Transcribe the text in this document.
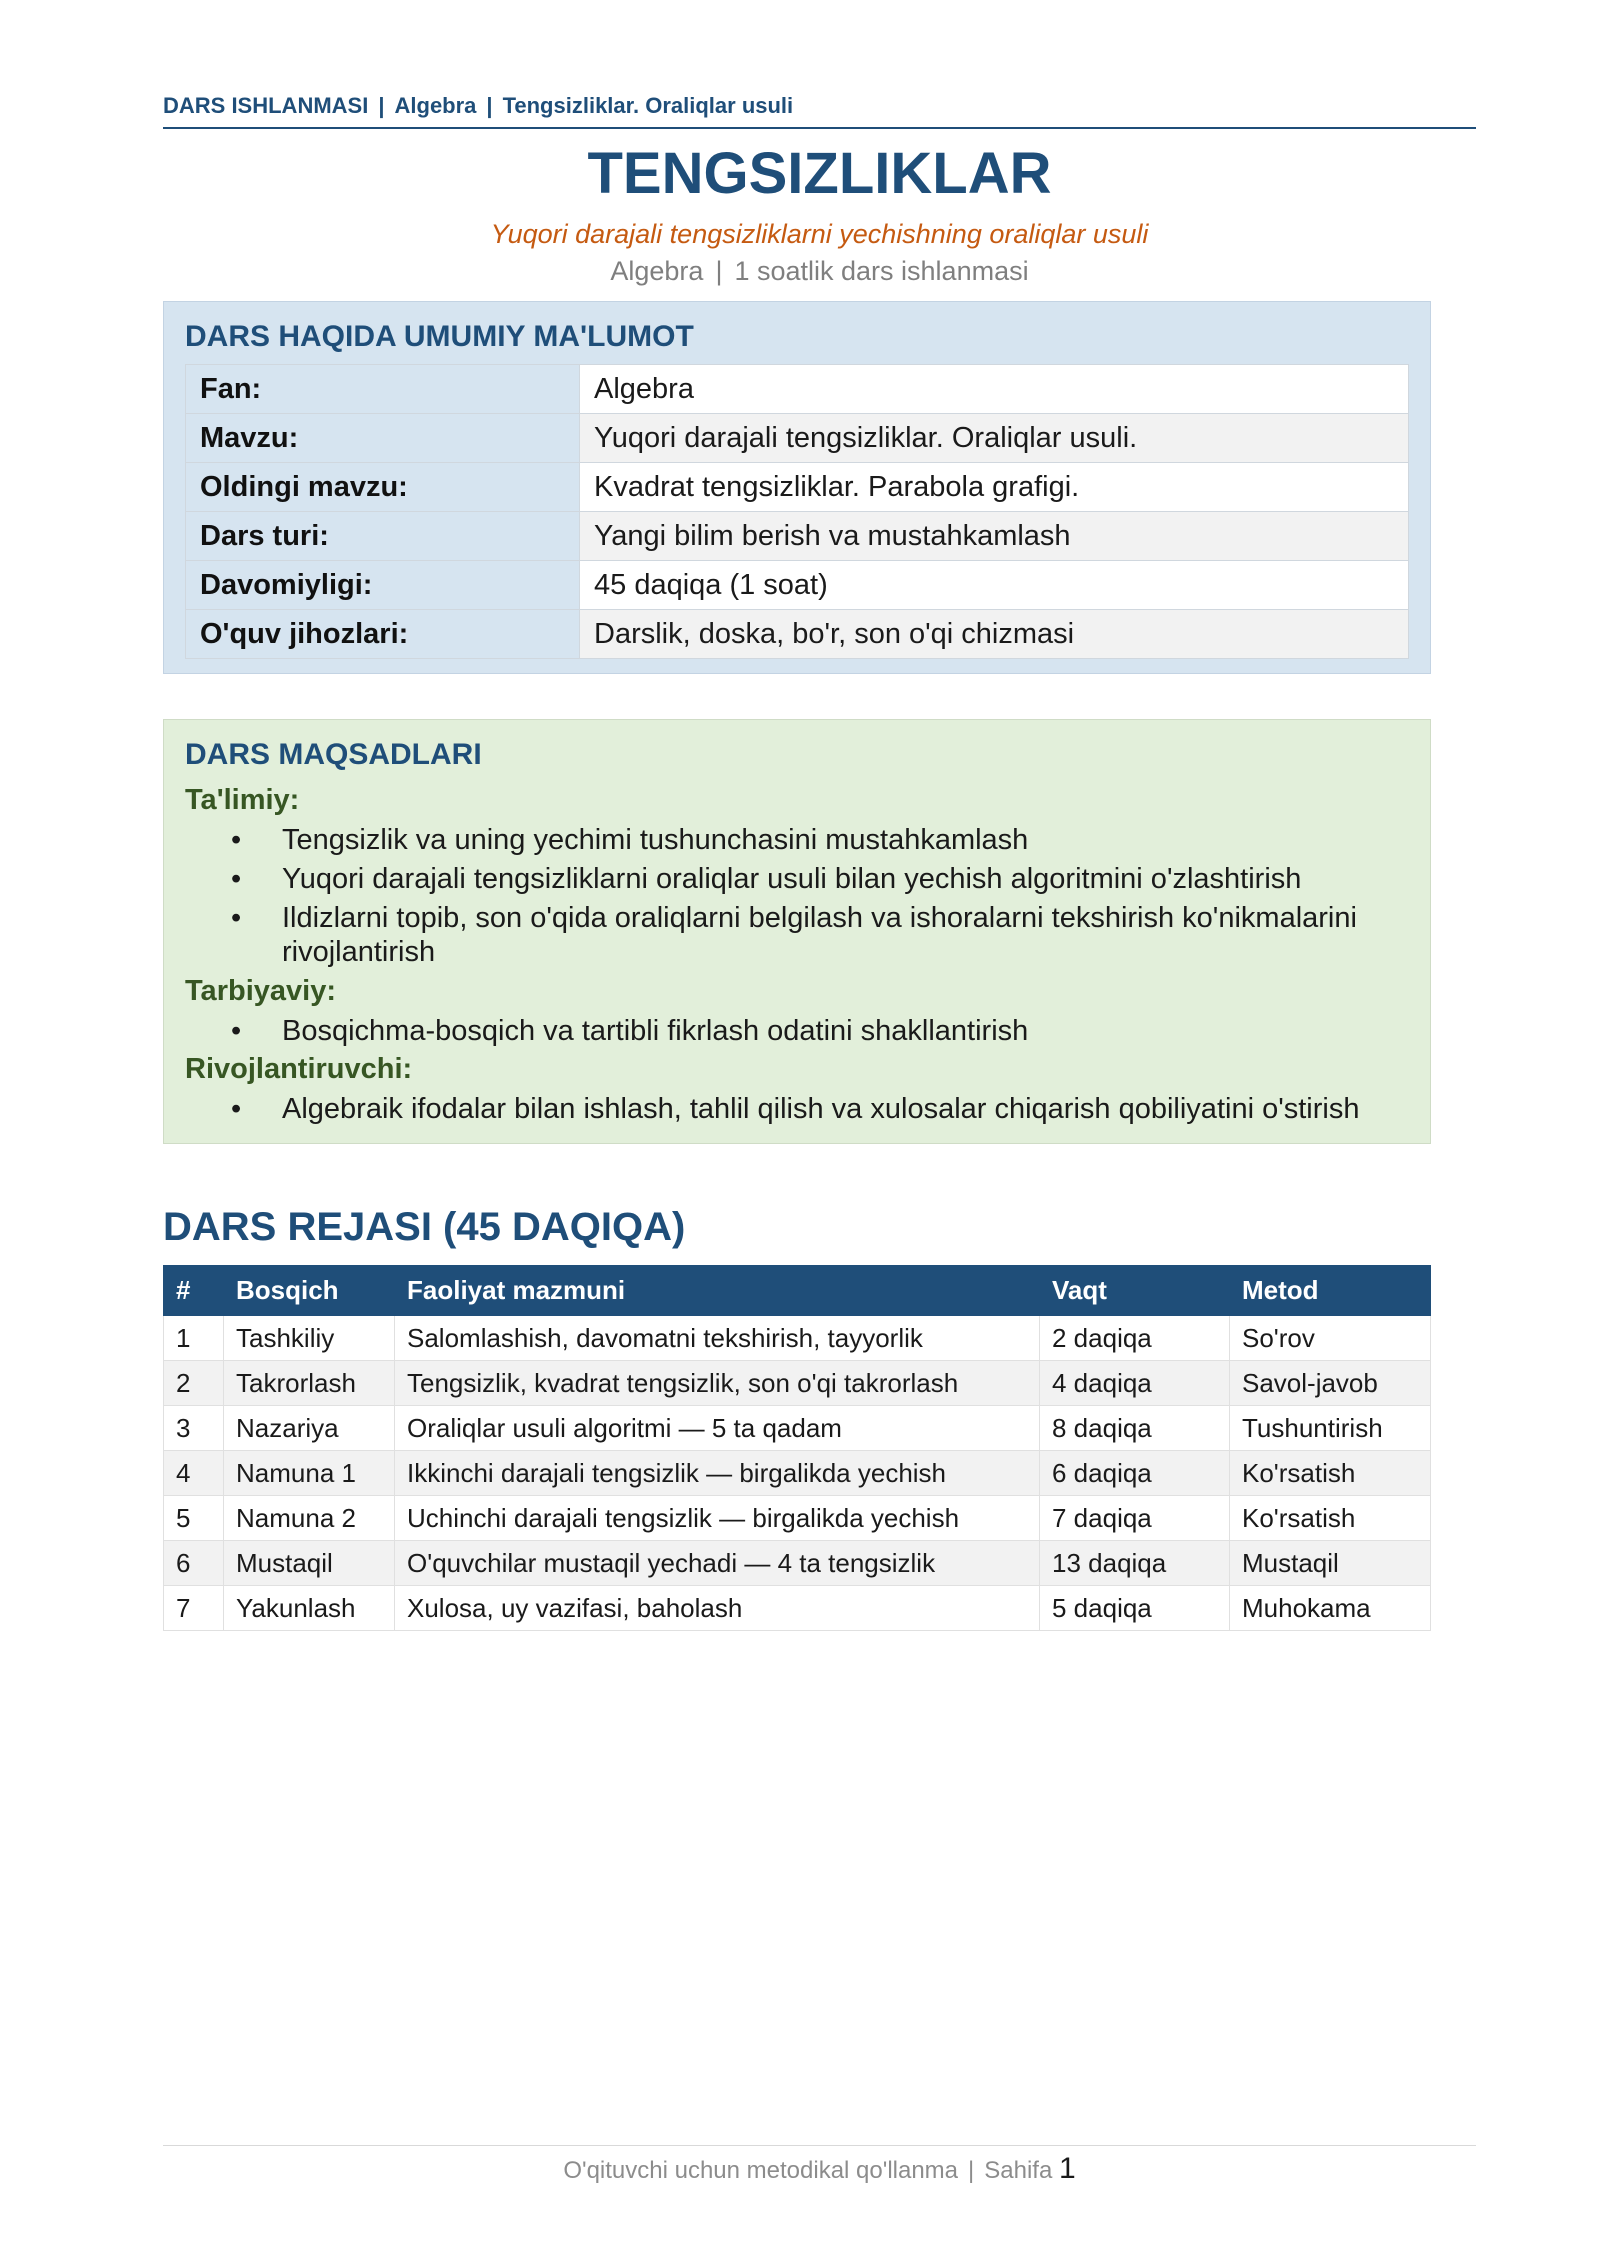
DARS ISHLANMASI | Algebra | Tengsizliklar. Oraliqlar usuli
TENGSIZLIKLAR
Yuqori darajali tengsizliklarni yechishning oraliqlar usuli
Algebra | 1 soatlik dars ishlanmasi
DARS HAQIDA UMUMIY MA'LUMOT
Fan:	Algebra
Mavzu:	Yuqori darajali tengsizliklar. Oraliqlar usuli.
Oldingi mavzu:	Kvadrat tengsizliklar. Parabola grafigi.
Dars turi:	Yangi bilim berish va mustahkamlash
Davomiyligi:	45 daqiqa (1 soat)
O'quv jihozlari:	Darslik, doska, bo'r, son o'qi chizmasi
DARS MAQSADLARI
Ta'limiy:
• Tengsizlik va uning yechimi tushunchasini mustahkamlash
• Yuqori darajali tengsizliklarni oraliqlar usuli bilan yechish algoritmini o'zlashtirish
• Ildizlarni topib, son o'qida oraliqlarni belgilash va ishoralarni tekshirish ko'nikmalarini rivojlantirish
Tarbiyaviy:
• Bosqichma-bosqich va tartibli fikrlash odatini shakllantirish
Rivojlantiruvchi:
• Algebraik ifodalar bilan ishlash, tahlil qilish va xulosalar chiqarish qobiliyatini o'stirish
DARS REJASI (45 DAQIQA)
#	Bosqich	Faoliyat mazmuni	Vaqt	Metod
1	Tashkiliy	Salomlashish, davomatni tekshirish, tayyorlik	2 daqiqa	So'rov
2	Takrorlash	Tengsizlik, kvadrat tengsizlik, son o'qi takrorlash	4 daqiqa	Savol-javob
3	Nazariya	Oraliqlar usuli algoritmi — 5 ta qadam	8 daqiqa	Tushuntirish
4	Namuna 1	Ikkinchi darajali tengsizlik — birgalikda yechish	6 daqiqa	Ko'rsatish
5	Namuna 2	Uchinchi darajali tengsizlik — birgalikda yechish	7 daqiqa	Ko'rsatish
6	Mustaqil	O'quvchilar mustaqil yechadi — 4 ta tengsizlik	13 daqiqa	Mustaqil
7	Yakunlash	Xulosa, uy vazifasi, baholash	5 daqiqa	Muhokama
O'qituvchi uchun metodikal qo'llanma | Sahifa 1
